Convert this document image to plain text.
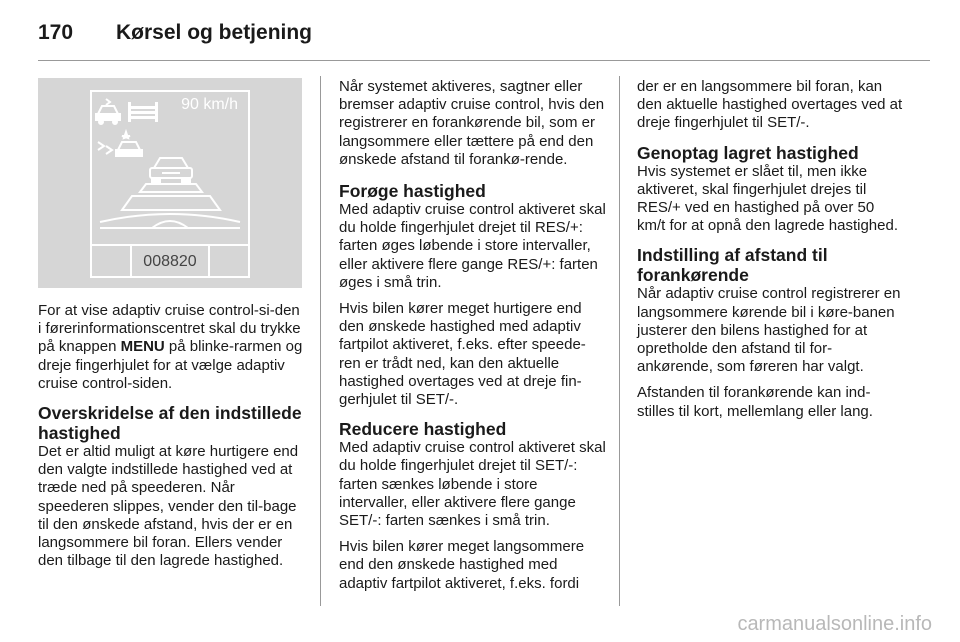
170	Kørsel og betjening
90 km/h
008820

For at vise adaptiv cruise control-si-den i førerinformationscentret skal du trykke på knappen MENU på blinke-rarmen og dreje fingerhjulet for at vælge adaptiv cruise control-siden.

Overskridelse af den indstillede hastighed

Det er altid muligt at køre hurtigere end den valgte indstillede hastighed ved at træde ned på speederen. Når speederen slippes, vender den til-bage til den ønskede afstand, hvis der er en langsommere bil foran. Ellers vender den tilbage til den lagrede hastighed.

Når systemet aktiveres, sagtner eller bremser adaptiv cruise control, hvis den registrerer en forankørende bil, som er langsommere eller tættere på end den ønskede afstand til forankø-rende.

Forøge hastighed

Med adaptiv cruise control aktiveret skal du holde fingerhjulet drejet til RES/+: farten øges løbende i store intervaller, eller aktivere flere gange RES/+: farten øges i små trin.

Hvis bilen kører meget hurtigere end den ønskede hastighed med adaptiv fartpilot aktiveret, f.eks. efter speede-ren er trådt ned, kan den aktuelle hastighed overtages ved at dreje fin-gerhjulet til SET/-.

Reducere hastighed

Med adaptiv cruise control aktiveret skal du holde fingerhjulet drejet til SET/-: farten sænkes løbende i store intervaller, eller aktivere flere gange SET/-: farten sænkes i små trin.

Hvis bilen kører meget langsommere end den ønskede hastighed med adaptiv fartpilot aktiveret, f.eks. fordi

der er en langsommere bil foran, kan den aktuelle hastighed overtages ved at dreje fingerhjulet til SET/-.

Genoptag lagret hastighed

Hvis systemet er slået til, men ikke aktiveret, skal fingerhjulet drejes til RES/+ ved en hastighed på over 50 km/t for at opnå den lagrede hastighed.

Indstilling af afstand til forankørende

Når adaptiv cruise control registrerer en langsommere kørende bil i køre-banen justerer den bilens hastighed for at opretholde den afstand til for-ankørende, som føreren har valgt.

Afstanden til forankørende kan ind-stilles til kort, mellemlang eller lang.

carmanualsonline.info
